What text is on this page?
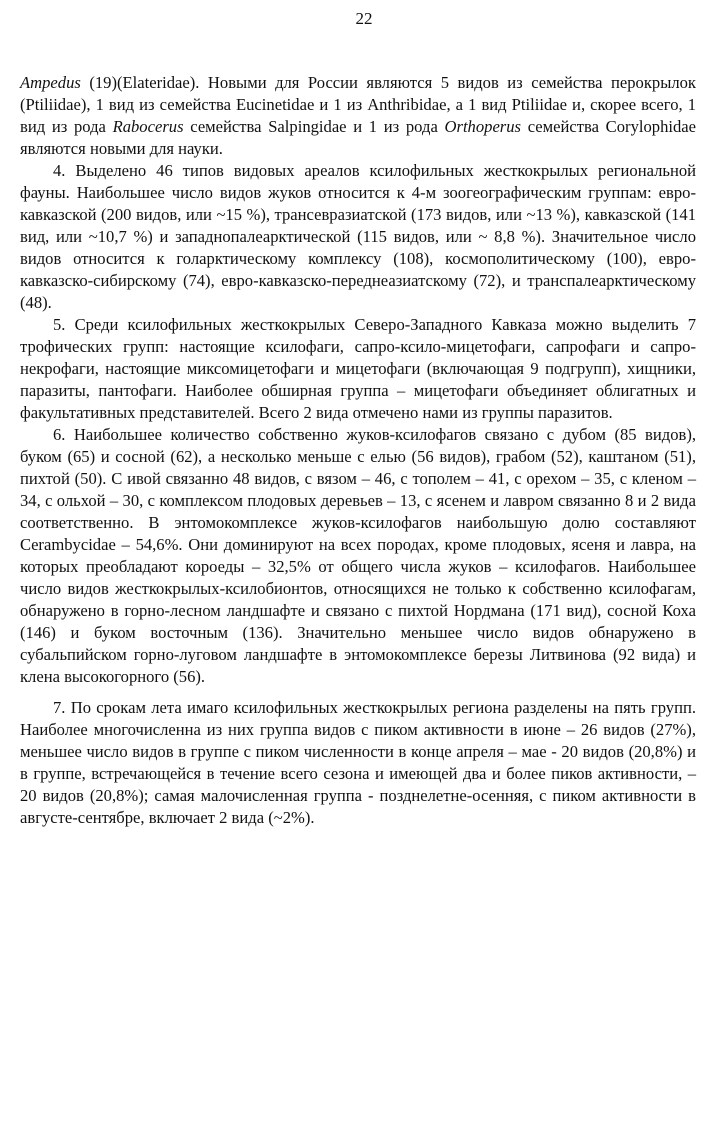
22

Ampedus (19)(Elateridae). Новыми для России являются 5 видов из семейства перокрылок (Ptiliidae), 1 вид из семейства Eucinetidae и 1 из Anthribidae, а 1 вид Ptiliidae и, скорее всего, 1 вид из рода Rabocerus семейства Salpingidae и 1 из рода Orthoperus семейства Corylophidae являются новыми для науки.

4. Выделено 46 типов видовых ареалов ксилофильных жесткокрылых региональной фауны. Наибольшее число видов жуков относится к 4-м зоогеографическим группам: евро-кавказской (200 видов, или ~15 %), трансевразиатской (173 видов, или ~13 %), кавказской (141 вид, или ~10,7 %) и западнопалеарктической (115 видов, или ~ 8,8 %). Значительное число видов относится к голарктическому комплексу (108), космополитическому (100), евро-кавказско-сибирскому (74), евро-кавказско-переднеазиатскому (72), и транспалеарктическому (48).

5. Среди ксилофильных жесткокрылых Северо-Западного Кавказа можно выделить 7 трофических групп: настоящие ксилофаги, сапро-ксило-мицетофаги, сапрофаги и сапро-некрофаги, настоящие миксомицетофаги и мицетофаги (включающая 9 подгрупп), хищники, паразиты, пантофаги. Наиболее обширная группа – мицетофаги объединяет облигатных и факультативных представителей. Всего 2 вида отмечено нами из группы паразитов.

6. Наибольшее количество собственно жуков-ксилофагов связано с дубом (85 видов), буком (65) и сосной (62), а несколько меньше с елью (56 видов), грабом (52), каштаном (51), пихтой (50). С ивой связанно 48 видов, с вязом – 46, с тополем – 41, с орехом – 35, с кленом –34, с ольхой – 30, с комплексом плодовых деревьев – 13, с ясенем и лавром связанно 8 и 2 вида соответственно. В энтомокомплексе жуков-ксилофагов наибольшую долю составляют Cerambycidae – 54,6%. Они доминируют на всех породах, кроме плодовых, ясеня и лавра, на которых преобладают короеды – 32,5% от общего числа жуков – ксилофагов. Наибольшее число видов жесткокрылых-ксилобионтов, относящихся не только к собственно ксилофагам, обнаружено в горно-лесном ландшафте и связано с пихтой Нордмана (171 вид), сосной Коха (146) и буком восточным (136). Значительно меньшее число видов обнаружено в субальпийском горно-луговом ландшафте в энтомокомплексе березы Литвинова (92 вида) и клена высокогорного (56).

7. По срокам лета имаго ксилофильных жесткокрылых региона разделены на пять групп. Наиболее многочисленна из них группа видов с пиком активности в июне – 26 видов (27%), меньшее число видов в группе с пиком численности в конце апреля – мае - 20 видов (20,8%) и в группе, встречающейся в течение всего сезона и имеющей два и более пиков активности, – 20 видов (20,8%); самая малочисленная группа - позднелетне-осенняя, с пиком активности в августе-сентябре, включает 2 вида (~2%).
